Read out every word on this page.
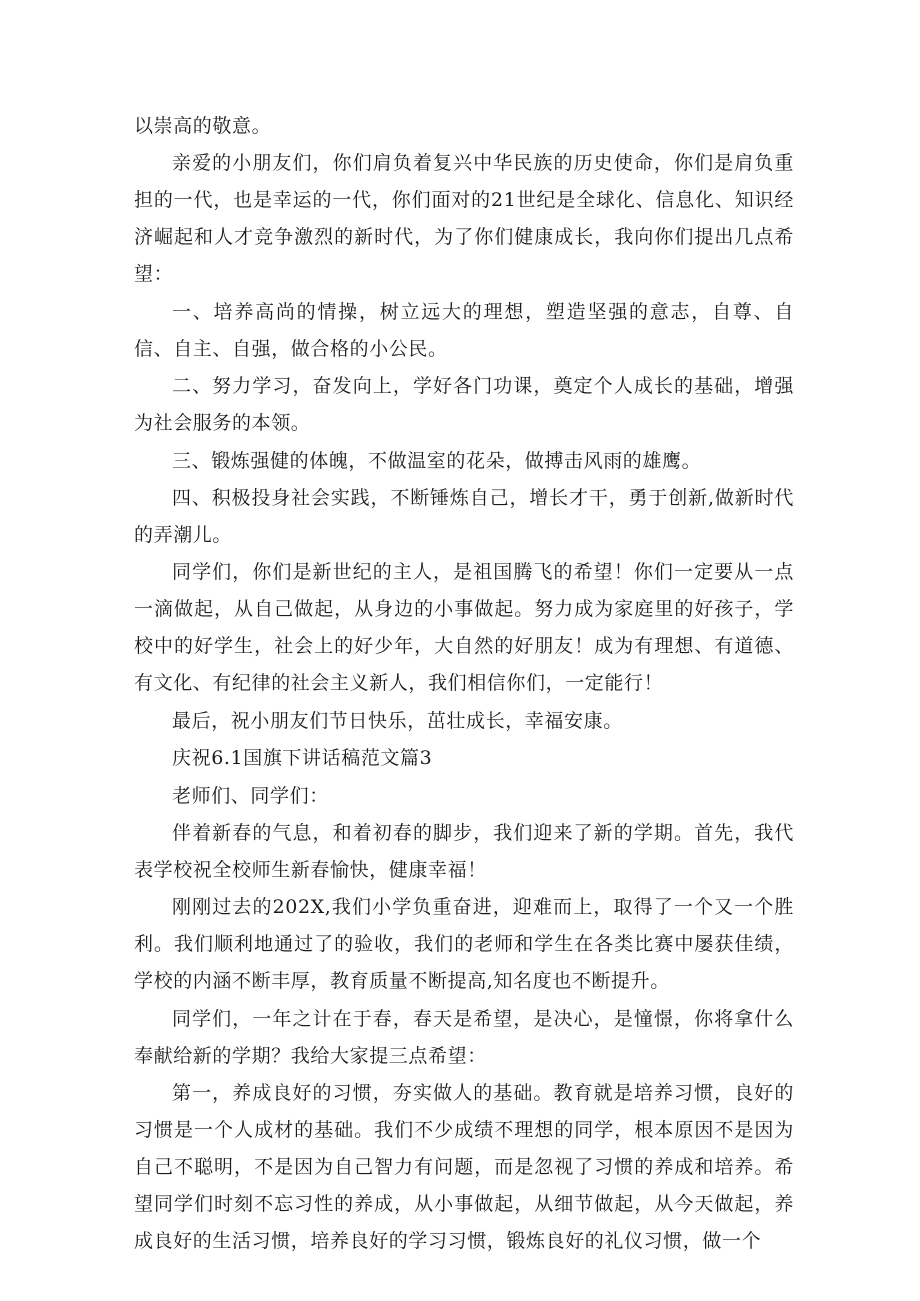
以崇高的敬意。

亲爱的小朋友们，你们肩负着复兴中华民族的历史使命，你们是肩负重担的一代，也是幸运的一代，你们面对的21世纪是全球化、信息化、知识经济崛起和人才竞争激烈的新时代，为了你们健康成长，我向你们提出几点希望：

一、培养高尚的情操，树立远大的理想，塑造坚强的意志，自尊、自信、自主、自强，做合格的小公民。

二、努力学习，奋发向上，学好各门功课，奠定个人成长的基础，增强为社会服务的本领。

三、锻炼强健的体魄，不做温室的花朵，做搏击风雨的雄鹰。

四、积极投身社会实践，不断锤炼自己，增长才干，勇于创新,做新时代的弄潮儿。

同学们，你们是新世纪的主人，是祖国腾飞的希望！你们一定要从一点一滴做起，从自己做起，从身边的小事做起。努力成为家庭里的好孩子，学校中的好学生，社会上的好少年，大自然的好朋友！成为有理想、有道德、有文化、有纪律的社会主义新人，我们相信你们，一定能行！

最后，祝小朋友们节日快乐，茁壮成长，幸福安康。

庆祝6.1国旗下讲话稿范文篇3

老师们、同学们：

伴着新春的气息，和着初春的脚步，我们迎来了新的学期。首先，我代表学校祝全校师生新春愉快，健康幸福！

刚刚过去的202X,我们小学负重奋进，迎难而上，取得了一个又一个胜利。我们顺利地通过了的验收，我们的老师和学生在各类比赛中屡获佳绩，学校的内涵不断丰厚，教育质量不断提高,知名度也不断提升。

同学们，一年之计在于春，春天是希望，是决心，是憧憬，你将拿什么奉献给新的学期？我给大家提三点希望：

第一，养成良好的习惯，夯实做人的基础。教育就是培养习惯，良好的习惯是一个人成材的基础。我们不少成绩不理想的同学，根本原因不是因为自己不聪明，不是因为自己智力有问题，而是忽视了习惯的养成和培养。希望同学们时刻不忘习性的养成，从小事做起，从细节做起，从今天做起，养成良好的生活习惯，培养良好的学习习惯，锻炼良好的礼仪习惯，做一个
